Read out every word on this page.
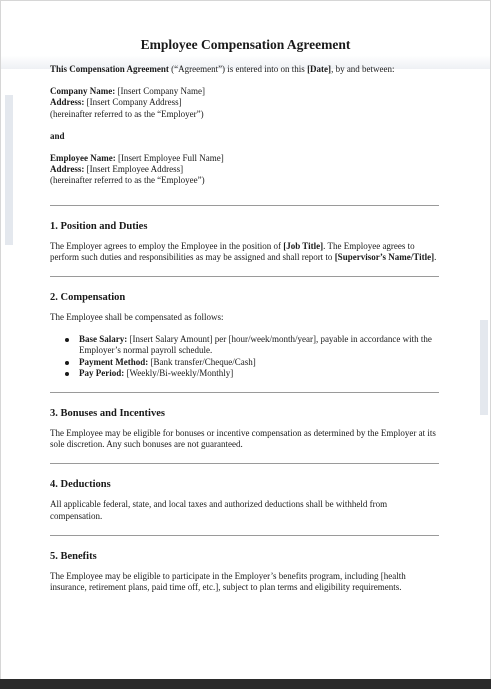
Employee Compensation Agreement

This Compensation Agreement (“Agreement”) is entered into on this [Date], by and between:

Company Name: [Insert Company Name]

Address: [Insert Company Address]

(hereinafter referred to as the “Employer”)

and

Employee Name: [Insert Employee Full Name]

Address: [Insert Employee Address]

(hereinafter referred to as the “Employee”)

1. Position and Duties

The Employer agrees to employ the Employee in the position of [Job Title]. The Employee agrees to perform such duties and responsibilities as may be assigned and shall report to [Supervisor’s Name/Title].

2. Compensation

The Employee shall be compensated as follows:

Base Salary: [Insert Salary Amount] per [hour/week/month/year], payable in accordance with the Employer’s normal payroll schedule.
Payment Method: [Bank transfer/Cheque/Cash]
Pay Period: [Weekly/Bi-weekly/Monthly]
3. Bonuses and Incentives

The Employee may be eligible for bonuses or incentive compensation as determined by the Employer at its sole discretion. Any such bonuses are not guaranteed.

4. Deductions

All applicable federal, state, and local taxes and authorized deductions shall be withheld from compensation.

5. Benefits

The Employee may be eligible to participate in the Employer’s benefits program, including [health insurance, retirement plans, paid time off, etc.], subject to plan terms and eligibility requirements.
